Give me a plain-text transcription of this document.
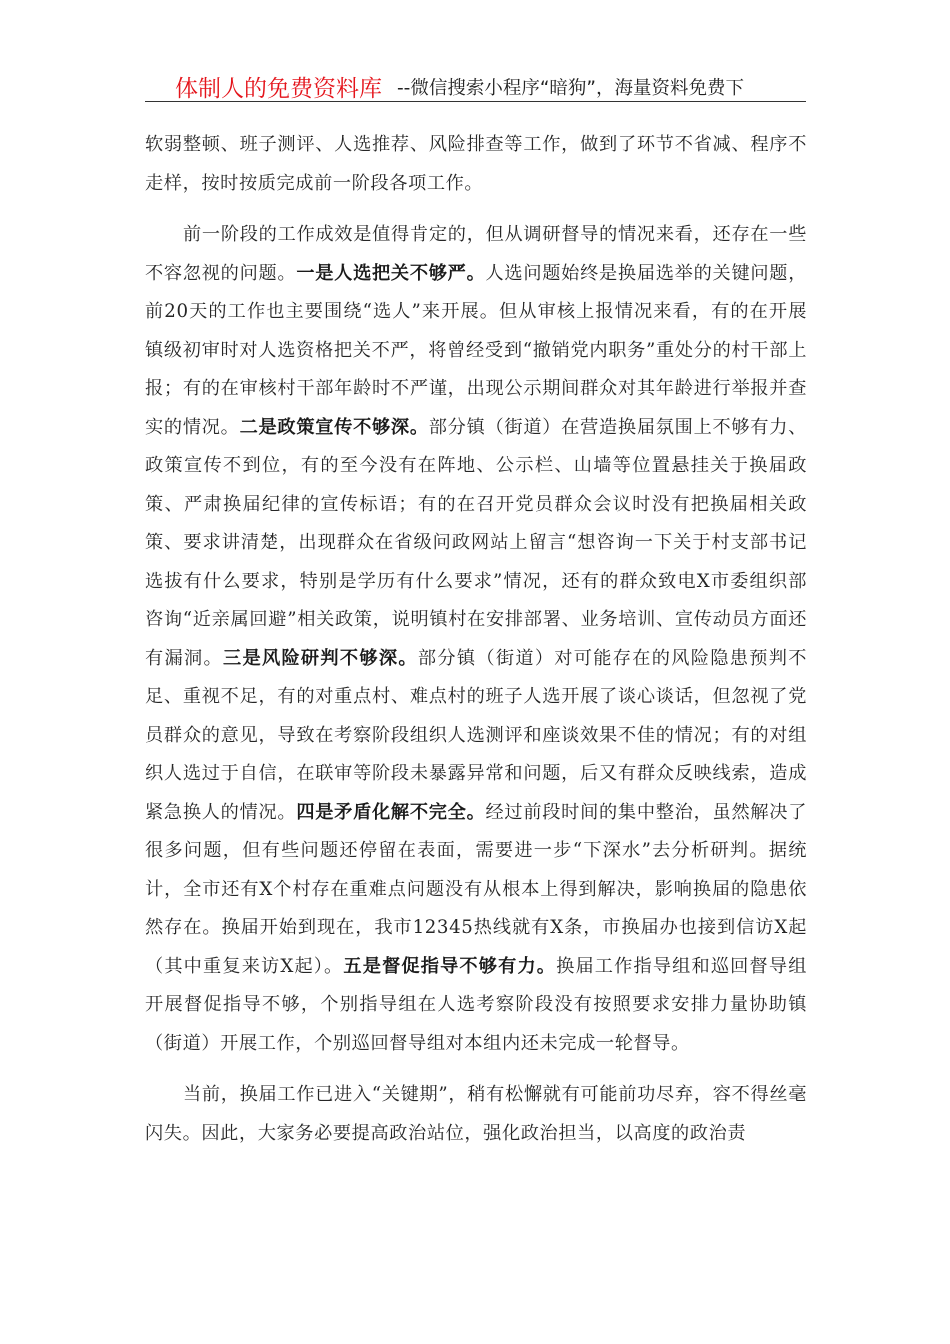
体制人的免费资料库 --微信搜索小程序“暗狗”，海量资料免费下

软弱整顿、班子测评、人选推荐、风险排查等工作，做到了环节不省减、程序不走样，按时按质完成前一阶段各项工作。

前一阶段的工作成效是值得肯定的，但从调研督导的情况来看，还存在一些不容忽视的问题。一是人选把关不够严。人选问题始终是换届选举的关键问题，前20天的工作也主要围绕“选人”来开展。但从审核上报情况来看，有的在开展镇级初审时对人选资格把关不严，将曾经受到“撤销党内职务”重处分的村干部上报；有的在审核村干部年龄时不严谨，出现公示期间群众对其年龄进行举报并查实的情况。二是政策宣传不够深。部分镇（街道）在营造换届氛围上不够有力、政策宣传不到位，有的至今没有在阵地、公示栏、山墙等位置悬挂关于换届政策、严肃换届纪律的宣传标语；有的在召开党员群众会议时没有把换届相关政策、要求讲清楚，出现群众在省级问政网站上留言“想咨询一下关于村支部书记选拔有什么要求，特别是学历有什么要求”情况，还有的群众致电X市委组织部咨询“近亲属回避”相关政策，说明镇村在安排部署、业务培训、宣传动员方面还有漏洞。三是风险研判不够深。部分镇（街道）对可能存在的风险隐患预判不足、重视不足，有的对重点村、难点村的班子人选开展了谈心谈话，但忽视了党员群众的意见，导致在考察阶段组织人选测评和座谈效果不佳的情况；有的对组织人选过于自信，在联审等阶段未暴露异常和问题，后又有群众反映线索，造成紧急换人的情况。四是矛盾化解不完全。经过前段时间的集中整治，虽然解决了很多问题，但有些问题还停留在表面，需要进一步“下深水”去分析研判。据统计，全市还有X个村存在重难点问题没有从根本上得到解决，影响换届的隐患依然存在。换届开始到现在，我市12345热线就有X条，市换届办也接到信访X起（其中重复来访X起）。五是督促指导不够有力。换届工作指导组和巡回督导组开展督促指导不够，个别指导组在人选考察阶段没有按照要求安排力量协助镇（街道）开展工作，个别巡回督导组对本组内还未完成一轮督导。

当前，换届工作已进入“关键期”，稍有松懈就有可能前功尽弃，容不得丝毫闪失。因此，大家务必要提高政治站位，强化政治担当，以高度的政治责
